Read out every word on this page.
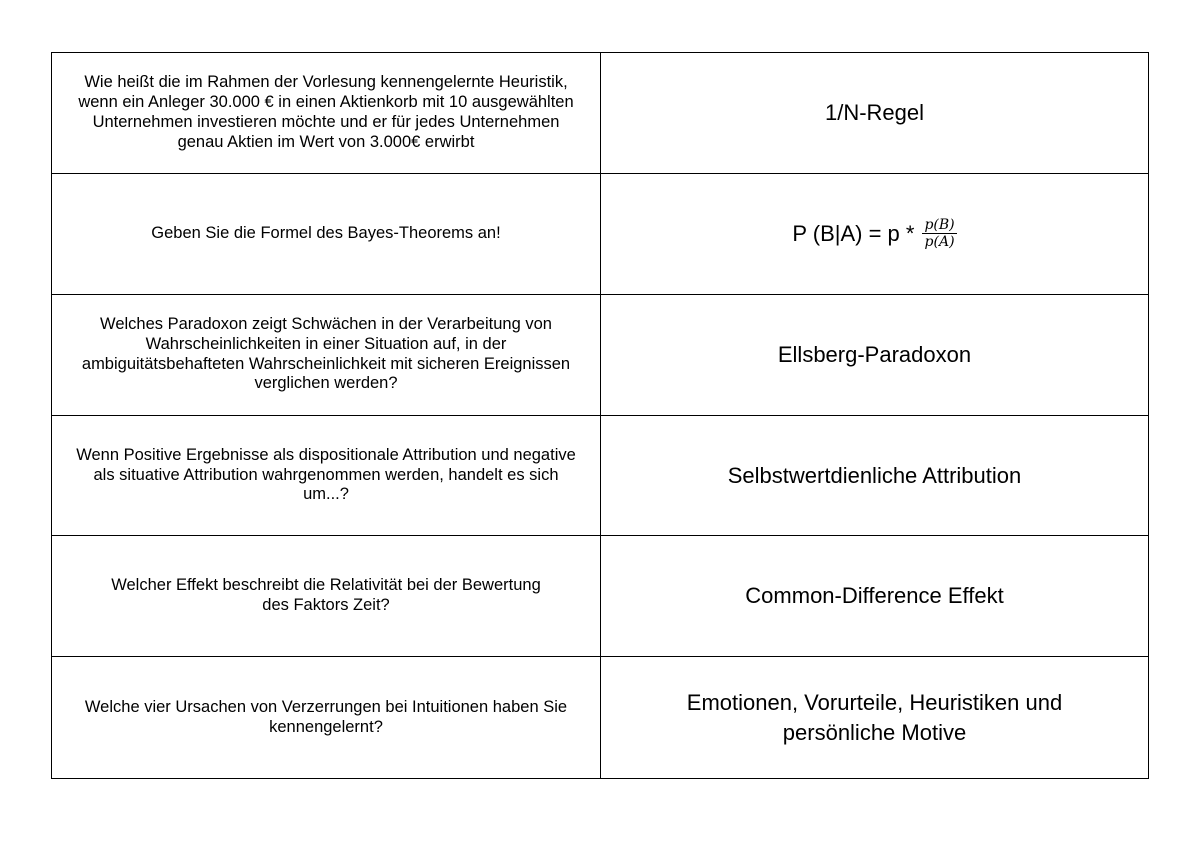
Wie heißt die im Rahmen der Vorlesung kennengelernte Heuristik, wenn ein Anleger 30.000 € in einen Aktienkorb mit 10 ausgewählten Unternehmen investieren möchte und er für jedes Unternehmen genau Aktien im Wert von 3.000€ erwirbt
1/N-Regel
Geben Sie die Formel des Bayes-Theorems an!	P $(B|A) = p * \frac{p(B)}{p(A)}$
Welches Paradoxon zeigt Schwächen in der Verarbeitung von Wahrscheinlichkeiten in einer Situation auf, in der ambiguitätsbehafteten Wahrscheinlichkeit mit sicheren Ereignissen verglichen werden?
Ellsberg-Paradoxon
Wenn Positive Ergebnisse als dispositionale Attribution und negative als situative Attribution wahrgenommen werden, handelt es sich um...?
Selbstwertdienliche Attribution
Welcher Effekt beschreibt die Relativität bei der Bewertung des Faktors Zeit?	Common-Difference Effekt
Welche vier Ursachen von Verzerrungen bei Intuitionen haben Sie kennengelernt?
Emotionen, Vorurteile, Heuristiken und persönliche Motive
